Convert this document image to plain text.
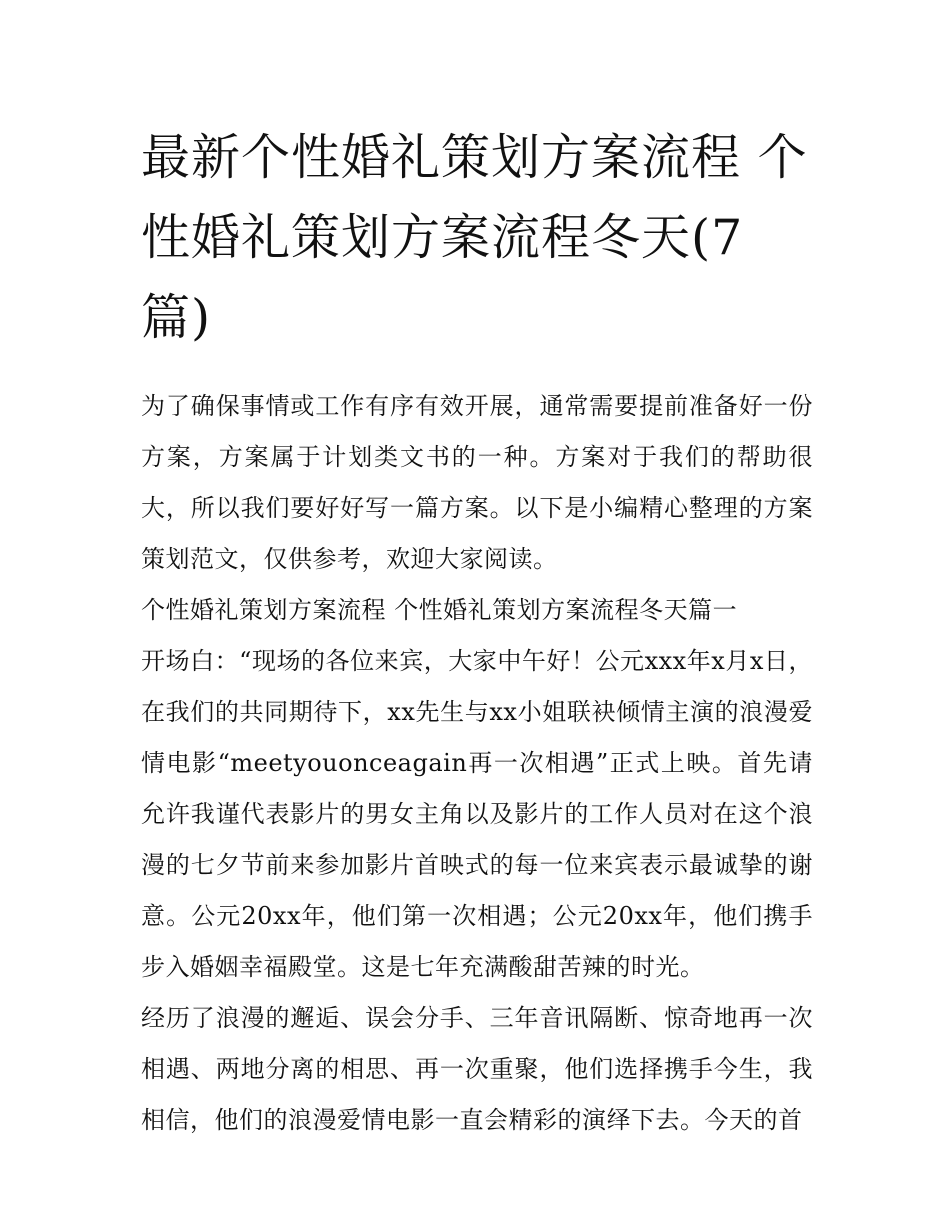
最新个性婚礼策划方案流程 个性婚礼策划方案流程冬天(7篇)

为了确保事情或工作有序有效开展，通常需要提前准备好一份方案，方案属于计划类文书的一种。方案对于我们的帮助很大，所以我们要好好写一篇方案。以下是小编精心整理的方案策划范文，仅供参考，欢迎大家阅读。

个性婚礼策划方案流程 个性婚礼策划方案流程冬天篇一

开场白：“现场的各位来宾，大家中午好！公元xxx年x月x日，在我们的共同期待下，xx先生与xx小姐联袂倾情主演的浪漫爱情电影“meetyouonceagain再一次相遇”正式上映。首先请允许我谨代表影片的男女主角以及影片的工作人员对在这个浪漫的七夕节前来参加影片首映式的每一位来宾表示最诚挚的谢意。公元20xx年，他们第一次相遇；公元20xx年，他们携手步入婚姻幸福殿堂。这是七年充满酸甜苦辣的时光。

经历了浪漫的邂逅、误会分手、三年音讯隔断、惊奇地再一次相遇、两地分离的相思、再一次重聚，他们选择携手今生，我相信，他们的浪漫爱情电影一直会精彩的演绎下去。今天的首
